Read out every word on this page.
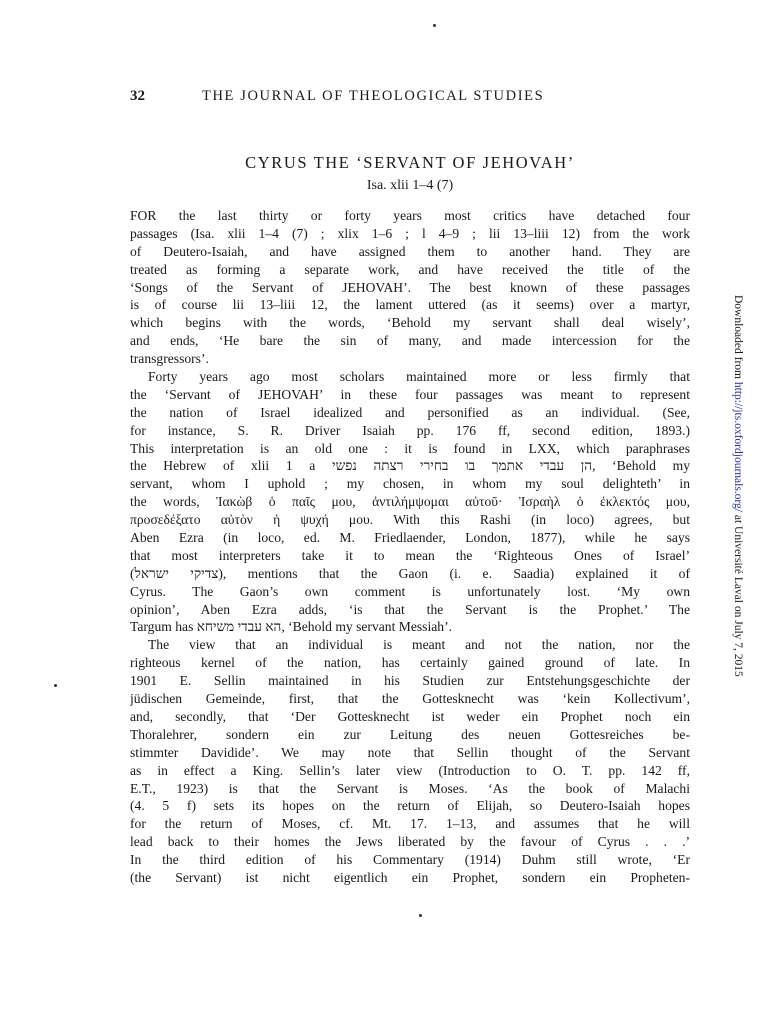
32	THE JOURNAL OF THEOLOGICAL STUDIES
CYRUS THE ‘SERVANT OF JEHOVAH’
Isa. xlii 1–4 (7)
FOR the last thirty or forty years most critics have detached four
passages (Isa. xlii 1–4 (7) ; xlix 1–6 ; l 4–9 ; lii 13–liii 12) from the work
of Deutero-Isaiah, and have assigned them to another hand. They are
treated as forming a separate work, and have received the title of the
‘Songs of the Servant of JEHOVAH’. The best known of these passages
is of course lii 13–liii 12, the lament uttered (as it seems) over a martyr,
which begins with the words, ‘Behold my servant shall deal wisely’,
and ends, ‘He bare the sin of many, and made intercession for the
transgressors’.
Forty years ago most scholars maintained more or less firmly that
the ‘Servant of JEHOVAH’ in these four passages was meant to represent
the nation of Israel idealized and personified as an individual. (See,
for instance, S. R. Driver Isaiah pp. 176 ff, second edition, 1893.)
This interpretation is an old one : it is found in LXX, which paraphrases
the Hebrew of xlii 1 a הן עבדי אתמך בו בחירי רצתה נפשי, ‘Behold my
servant, whom I uphold ; my chosen, in whom my soul delighteth’ in
the words, Ἰακὼβ ὁ παῖς μου, ἀντιλήμψομαι αὐτοῦ· Ἰσραὴλ ὁ ἐκλεκτός μου,
προσεδέξατο αὐτὸν ἡ ψυχή μου. With this Rashi (in loco) agrees, but
Aben Ezra (in loco, ed. M. Friedlaender, London, 1877), while he says
that most interpreters take it to mean the ‘Righteous Ones of Israel’
(צדיקי ישראל), mentions that the Gaon (i. e. Saadia) explained it of
Cyrus. The Gaon’s own comment is unfortunately lost. ‘My own
opinion’, Aben Ezra adds, ‘is that the Servant is the Prophet.’ The
Targum has הא עבדי משיחא, ‘Behold my servant Messiah’.
The view that an individual is meant and not the nation, nor the
righteous kernel of the nation, has certainly gained ground of late. In
1901 E. Sellin maintained in his Studien zur Entstehungsgeschichte der
jüdischen Gemeinde, first, that the Gottesknecht was ‘kein Kollectivum’,
and, secondly, that ‘Der Gottesknecht ist weder ein Prophet noch ein
Thoralehrer, sondern ein zur Leitung des neuen Gottesreiches be-
stimmter Davidide’. We may note that Sellin thought of the Servant
as in effect a King. Sellin’s later view (Introduction to O. T. pp. 142 ff,
E.T., 1923) is that the Servant is Moses. ‘As the book of Malachi
(4. 5 f) sets its hopes on the return of Elijah, so Deutero-Isaiah hopes
for the return of Moses, cf. Mt. 17. 1–13, and assumes that he will
lead back to their homes the Jews liberated by the favour of Cyrus . . .’
In the third edition of his Commentary (1914) Duhm still wrote, ‘Er
(the Servant) ist nicht eigentlich ein Prophet, sondern ein Propheten-
Downloaded from http://jts.oxfordjournals.org/ at Université Laval on July 7, 2015
